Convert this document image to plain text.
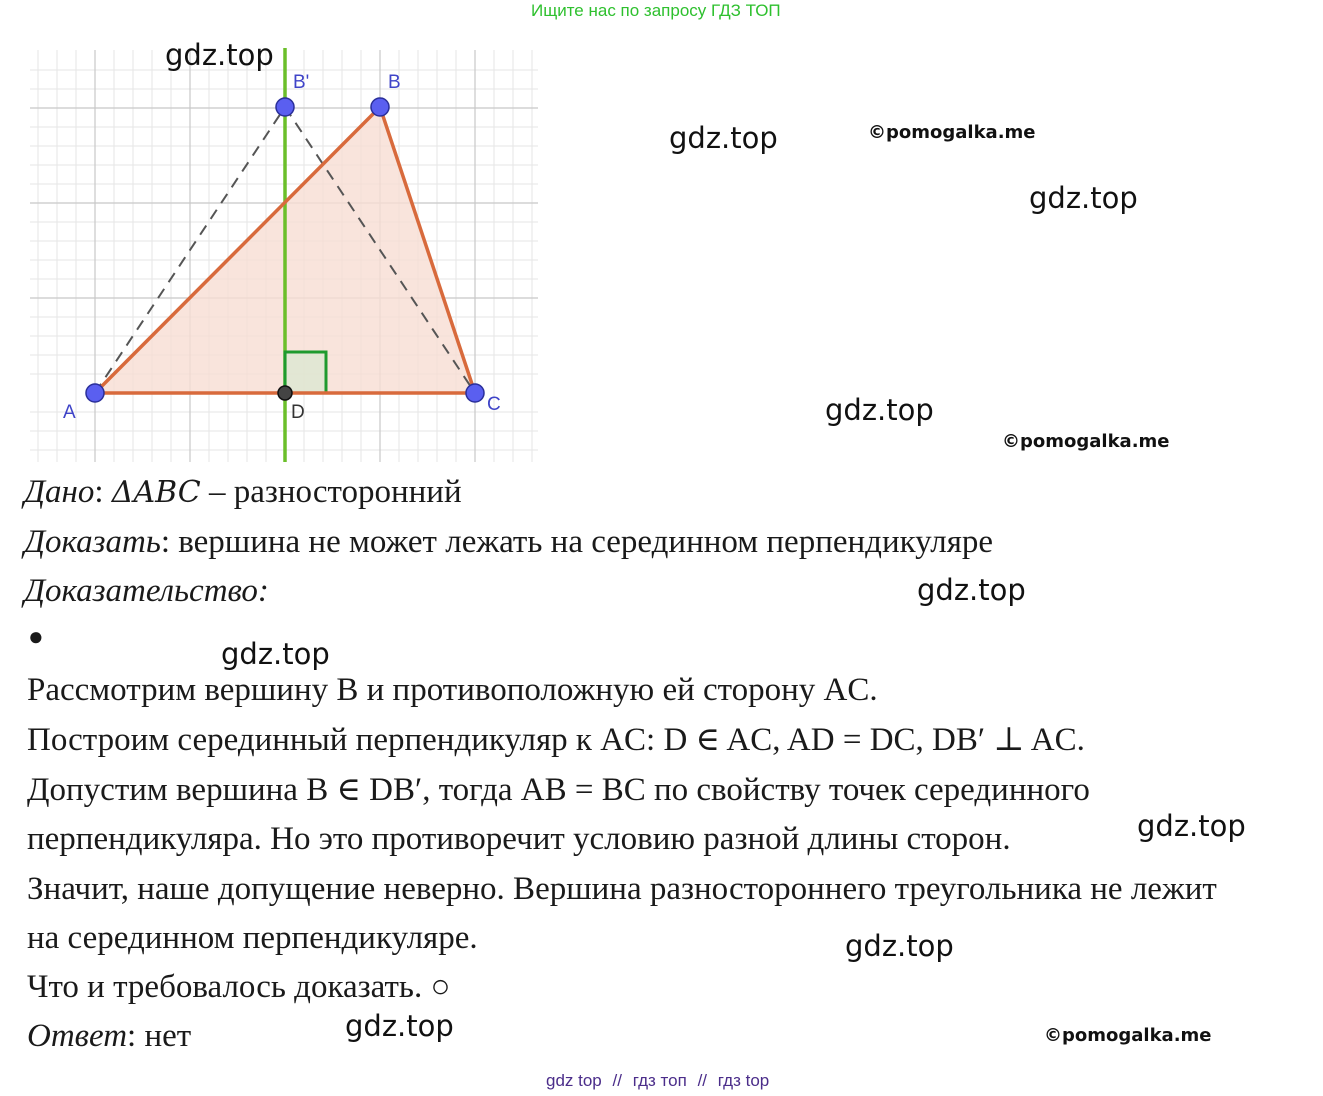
Ищите нас по запросу ГДЗ ТОП
A
B
B'
C
D
gdz.top
gdz.top
gdz.top
gdz.top
gdz.top
gdz.top
gdz.top
gdz.top
gdz.top
©pomogalka.me
©pomogalka.me
©pomogalka.me
Дано: ΔABC – разносторонний
Доказать: вершина не может лежать на серединном перпендикуляре
Доказательство:
●
Рассмотрим вершину B и противоположную ей сторону AC.
Построим серединный перпендикуляр к AC: D ∈ AC, AD = DC, DB′ ⊥ AC.
Допустим вершина B ∈ DB′, тогда AB = BC по свойству точек серединного
перпендикуляра. Но это противоречит условию разной длины сторон.
Значит, наше допущение неверно. Вершина разностороннего треугольника не лежит
на серединном перпендикуляре.
Что и требовалось доказать. ○
Ответ: нет
gdz top // гдз топ // гдз top
